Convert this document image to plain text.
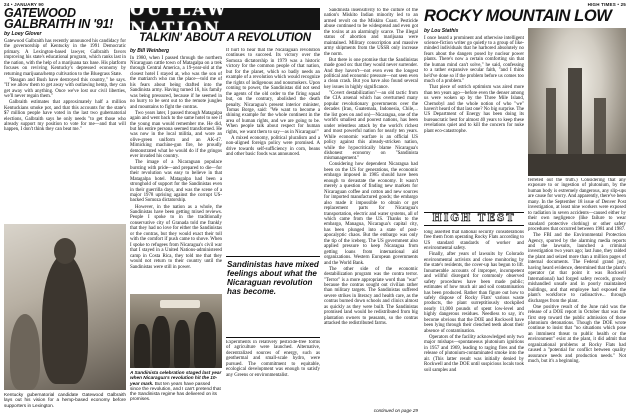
24 • JANUARY 90	HIGH TIMES • 25
GATEWOOD
GALBRAITH IN '91!
by Loey Glover

Gatewood Galbraith has recently announced his candidacy for the governorship of Kentucky in the 1991 Democratic primary. A Lexington-based lawyer, Galbraith favors improving his state's educational program, which ranks last in the nation, with the help of a marijuana tax base. His platform focuses on reviving Kentucky's depressed economy by returning marijuana/hemp cultivation to the Bluegrass State.

"Reagan and Bush have destroyed this country," he says. "If we allow them to get away with outlawing hemp, they can get away with anything. Once we've lost our civil liberties, we'll never regain them."

Galbraith estimates that approximately half a million Kentuckians smoke pot, and that this accounts for the state's $7 million people have voted in the last two gubernatorial elections, Galbraith says he only needs "to get those who already support my position to vote for me—and that will happen, I don't think they can beat me."

Kentucky gubernatorial candidate Gatewood Galbraith lays out his vision for a hemp-based economy before supporters in Lexington.
OUTLAW NATION
TALKIN' ABOUT A REVOLUTION
by Bill Weinberg

In 1980, when I passed through the northern Nicaraguan cattle town of Matagalpa on a trek through Central America, a 19-year-old at the closest hotel I stayed at, who was the son of the matriarch who ran the place—told me of his fears about being drafted into the Sandinista army. Having turned 16, his family was being pressured, because if he seemed in no hurry to be sent out to the remote jungles and mountains to fight the contras.

Two years later, I passed through Matagalpa again and went back to the same hotel to see if the young man would remember me. He did, but his entire persona seemed transformed. He was now in the local militia, and wore an olive-green uniform and an AK-47. Mimicking machine-gun fire, he proudly demonstrated what he would do if the gringos ever invaded his country.

The image of a Nicaraguan populace bursting with pride—and prepared to die—for their revolution was easy to believe in that Matagalpa hotel. Matagalpa had been a stronghold of support for the Sandinistas even in their guerrilla days, and was the scene of a major 1978 uprising against the corrupt US-backed Somoza dictatorship.

However, in the nation as a whole, the Sandinistas have been getting mixed reviews. People I spoke to in the traditionally conservative city of Granada told me frankly that they had no love for either the Sandinistas or the contras, but they would exact their toll with the comfort if push came to shove. When I spoke to refugees from Nicaragua's civil war that I stayed in a United Nations-administered camp in Costa Rica, they told me that they would not return to their country until the Sandinistas were still in power.

It hurt to hear that the Nicaraguan revolution continues to succeed. Its victory over the Somoza dictatorship in 1979 was a historic victory for the common people of that nation, but for the planet, which so badly needs an example of a revolution which would recognize the rights of indigenous and nonsmokers. Upon coming to power, the Sandinistas did not send the agents of the old order to the firing squad but, on the contrary, abolished the death penalty. Nicaragua's present interior minister, Tomas Borge, said: "We want to become a shining example for the whole continent in the area of human rights, and we are going to be. When people talk about respect for human rights, we want them to say—as in Nicaragua!"

A mixed economy, political pluralism and a non-aligned foreign policy were promised. A drive towards self-sufficiency in corn, beans and other basic foods was announced.

Sandinistas have mixed feelings about what the Nicaraguan revolution has become.

Experiments in relatively pesticide-free forms of agriculture were launched. Alternative, decentralized sources of energy, such as geothermal and small-scale hydro, were pursued. The commitment to equitable, ecological development was enough to satisfy any Greens or environmentalist.

A Sandinista celebration staged last year when Nicaragua's revolution hit the 10-year mark. But ten years have passed since the revolution, and I can't pretend that the Sandinista regime has delivered on its promises.

Sandinista insensitivity to the culture of the nation's Miskito Indian minority led to an armed revolt on the Miskito Coast. Pesticide abuse continued to be widespread and even got the toxins at an alarmingly scarce. The illegal status of abortion and marijuana were maintained. Military conscription and massive army shipments from the USSR only increase the norm.

But there is one promise that the Sandinistas made good on: that they would never surrender. And they haven't—not even even the longest political and economic pressure—not seen even a clean crash. But you have also found several key issues in highly significance.

"Covert destabilization"—an old tactic from the CIA arsenal which has overturned many popular revolutionary governments over the decades (Iran, Guatemala, Indonesia, Chile,... the list goes on and on)—Nicaragua, one of the world's smallest and poorest nations, has been under relentless attack by the world's richest and most powerful nation for nearly ten years. While economic warfare is an official US policy against this already-stricken nation, while the hypocritically blame Nicaragua's dishonest economy on "Sandinista mismanagement."

Considering how dependent Nicaragua had been on the US for generations, the economic embargo imposed in 1985 should have been enough to devastate the economy. It wasn't merely a question of finding new markets for Nicaraguan coffee and cotton and new sources for imported manufactured goods; the embargo also made it impossible to obtain or get replacement parts for Nicaragua's transportation, electric and water systems, all of which came from the US. Thanks to the embargo, Managua, Nicaragua's capital city, has been plunged into a state of post-apocalyptic chaos. But the embargo was only the tip of the iceberg. The US government also applied pressure to keep Nicaragua from getting loans from international aid organizations. Western European governments and the World Bank.

The other side of the economic destabilization program was the contra terror. "Terror" is a more appropriate word than "war" because the contras sought out civilian rather than military targets. The Sandinistas suffered severe strikes in literacy and health care, as the contras burned down schools and clinics almost as quickly as they were built. The Sandinistas promised land would be redistributed from big plantation owners to peasants, so the contras attacked the redistributed farms.

continued on page 29
ROCKY MOUNTAIN LOW
by Lou Stathis

I once heard a prominent and otherwise intelligent science-fiction writer go quietly to a group of like-minded individuals that he harbored absolutely no fears about the dangers posed by nuclear power plants. There's now a certain comforting sin that the human mind can't solve," he said, confessing to a rather expansive secular faith, "and I think he'd've done so if the problem before us comes too much of a problem."

That piece of ostrich optimism was aired more than ten years ago—before even the denser among us were woken up by the Three Mile Island, Chernobyl and the whole notion of who "we" haven't heard of that last one? No big surprise. The US Department of Energy has been doing its bureaucratic best for almost 40 years to keep these revelations quiet and to kill the concern for nuke plant eco-catastrophe.

ferreted out the truth.) Considering that any exposure to or ingestion of plutonium, by the human body is extremely dangerous, any slip-ups are cause for worry. And apparently, there've been many. In the September 18 issue of Denver Post investigation, at least nine workers were exposed to radiation in seven accidents—caused either by their own negligence (like failure to wear standard protective clothing) or other safety procedures that occurred between 1981 and 1987.

The FBI and the Environmental Protection Agency, spurred by the alarming media reports and the lawsuits, launched a criminal investigation two years ago; last June, they raided the plant and seized more than a million pages of internal documents. The Federal grand jury, having heard evidence, determined that the plant's operator (at that point it was Rockwell International) had forged safety records, grossly mishandled unsafe and in poorly maintained buildings, and that employee had exposed the plant's workforce to radioactive... through discharges from the plant.

One positive result of the June raid was the release of a DOE report in October that was the first step toward the public admission of those plutonium detonations. Though the DOE wrote continue to insist that "no situations which pose an imminent threat to public health or the environment" exist at the plant, it did admit that organizational problems at Rocky Flats had caused a "potential for conflict between quality assurance needs and production needs." Not much, but it's a beginning.

HIGH TEST

long asserted that national security considerations free them from operating Rocky Flats according to US standard standards of worker and environmental safety.

Finally, after years of lawsuits by Colorado environmental activists and close monitoring by the state's residents, the cover-up has begun to lift. Innumerable accounts of improper, incompetent and willful disregard for commonly observed safety procedures have been made public; estimates of how much air and soil contamination has been produced. Rather than figure out how to safely dispose of Rocky Flats' various waste products, the plant surreptitiously stockpiled nearly 11,000 pounds of spent low-level and highly dangerous residues. Needless to say, it's become obvious that the DOE and Rockwell have been lying through their clenched teeth about their absence of contamination.

Operators of the facility acknowledged only two major mishaps—spontaneous plutonium ignitions in 1957 and 1969, leading to raging fires and the release of plutonium-contaminated smoke into the air. (This latter result was initially denied by Rockwell and the DOE until suspicious locals took soil samples and
